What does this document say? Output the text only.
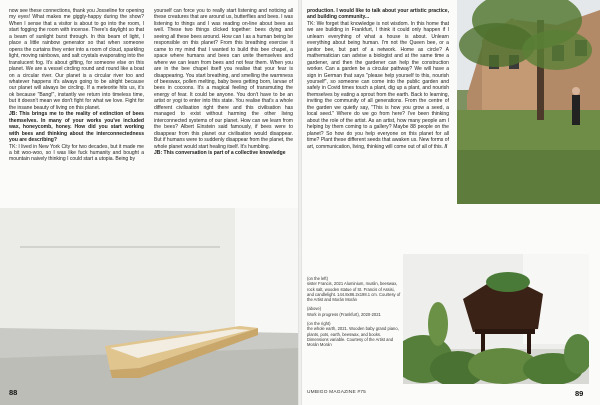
now see these connections, thank you Josseline for opening my eyes! What makes me giggly-happy during the show? When I sense that a visitor is about to go into the room, I start fogging the room with incense. There's daylight so that a beam of sunlight burst through. In this beam of light, I place a little rainbow generator so that when someone opens the curtains they enter into a room of cloud, sparkling light, moving rainbows, and salt crystals evaporating into the translucent fog. It's about gifting, for someone else on this planet. We are a vessel circling round and round like a boat on a circular river. Our planet is a circular river too and whatever happens it's always going to be alright because our planet will always be circling. If a meteorite hits us, it's ok because "Bang!", instantly we return into timeless time, but it doesn't mean we don't fight for what we love. Fight for the insane beauty of living on this planet.

JB: This brings me to the reality of extinction of bees themselves. In many of your works you've included wax, honeycomb, honey. How did you start working with bees and thinking about the interconnectedness you are describing?

TK: I lived in New York City for two decades, but it made me a bit woo-woo, so I was like fuck humanity and bought a mountain naively thinking I could start a utopia. Being by

yourself can force you to really start listening and noticing all these creatures that are around us, butterflies and bees. I was listening to things and I was reading on-line about bees as well. These two things clicked together: bees dying and seeing all these bees around. How can I as a human being be responsible on this planet? From this breathing exercise it came to my mind that I wanted to build this bee chapel, a space where humans and bees can unite themselves and where we can learn from bees and not fear them. When you are in the bee chapel itself you realise that your fear is disappearing. You start breathing, and smelling the warmness of beeswax, pollen melting, baby bees getting born, larvae of bees in cocoons. It's a magical feeling of transmuting the energy of fear. It could be anyone. You don't have to be an artist or yogi to enter into this state. You realise that's a whole different civilisation right there and this civilisation has managed to exist without harming the other living interconnected systems of our planet. How can we learn from the bees? Albert Einstein said famously, if bees were to disappear from this planet our civilisation would disappear. But if humans were to suddenly disappear from the planet, the whole planet would start healing itself. It's humbling.

JB: This conversation is part of a collective knowledge

production. I would like to talk about your artistic practice, and building community...

TK: We forget that knowledge is not wisdom. In this home that we are building in Frankfurt, I think it could only happen if I unlearn everything of what a house is about. Unlearn everything about being human. I'm not the Queen bee, or a janitor bee, but part of a network. Home as circle? A mathematician can advise a biologist and at the same time a gardener, and then the gardener can help the construction worker. Can a garden be a circular pathway? We will have a sign in German that says "please help yourself to this, nourish yourself", so someone can come into the public garden and safely in Covid times touch a plant, dig up a plant, and nourish themselves by eating a sprout from the earth. Back to learning, inviting the community of all generations. From the centre of the garden we quietly say, "This is how you grow a seed, a local seed." Where do we go from here? I've been thinking about the role of the artist. As an artist, how many people am I helping by them coming to a gallery? Maybe 88 people on the planet? So how do you help everyone on this planet for all time? Plant these different seeds that awaken us. New forms of art, communication, living, thinking will come out of all of this. //

(on the left)
sister Francis, 2021 Aluminium, muslin, beeswax, rock salt, wooden statue of St. Francis of Assisi, and candlelight. 144.8x86.2x198.1 cm. Courtesy of the Artist and Morán Morán

(above)
Work in progress (Frankfurt), 2020-2021

(on the right)
the whole earth, 2021. Wooden baby grand piano, plants, pots, earth, beeswax, and books. Dimensions variable. Courtesy of the Artist and Morán Morán

88	UMBIGO MAGAZINE #75	89
